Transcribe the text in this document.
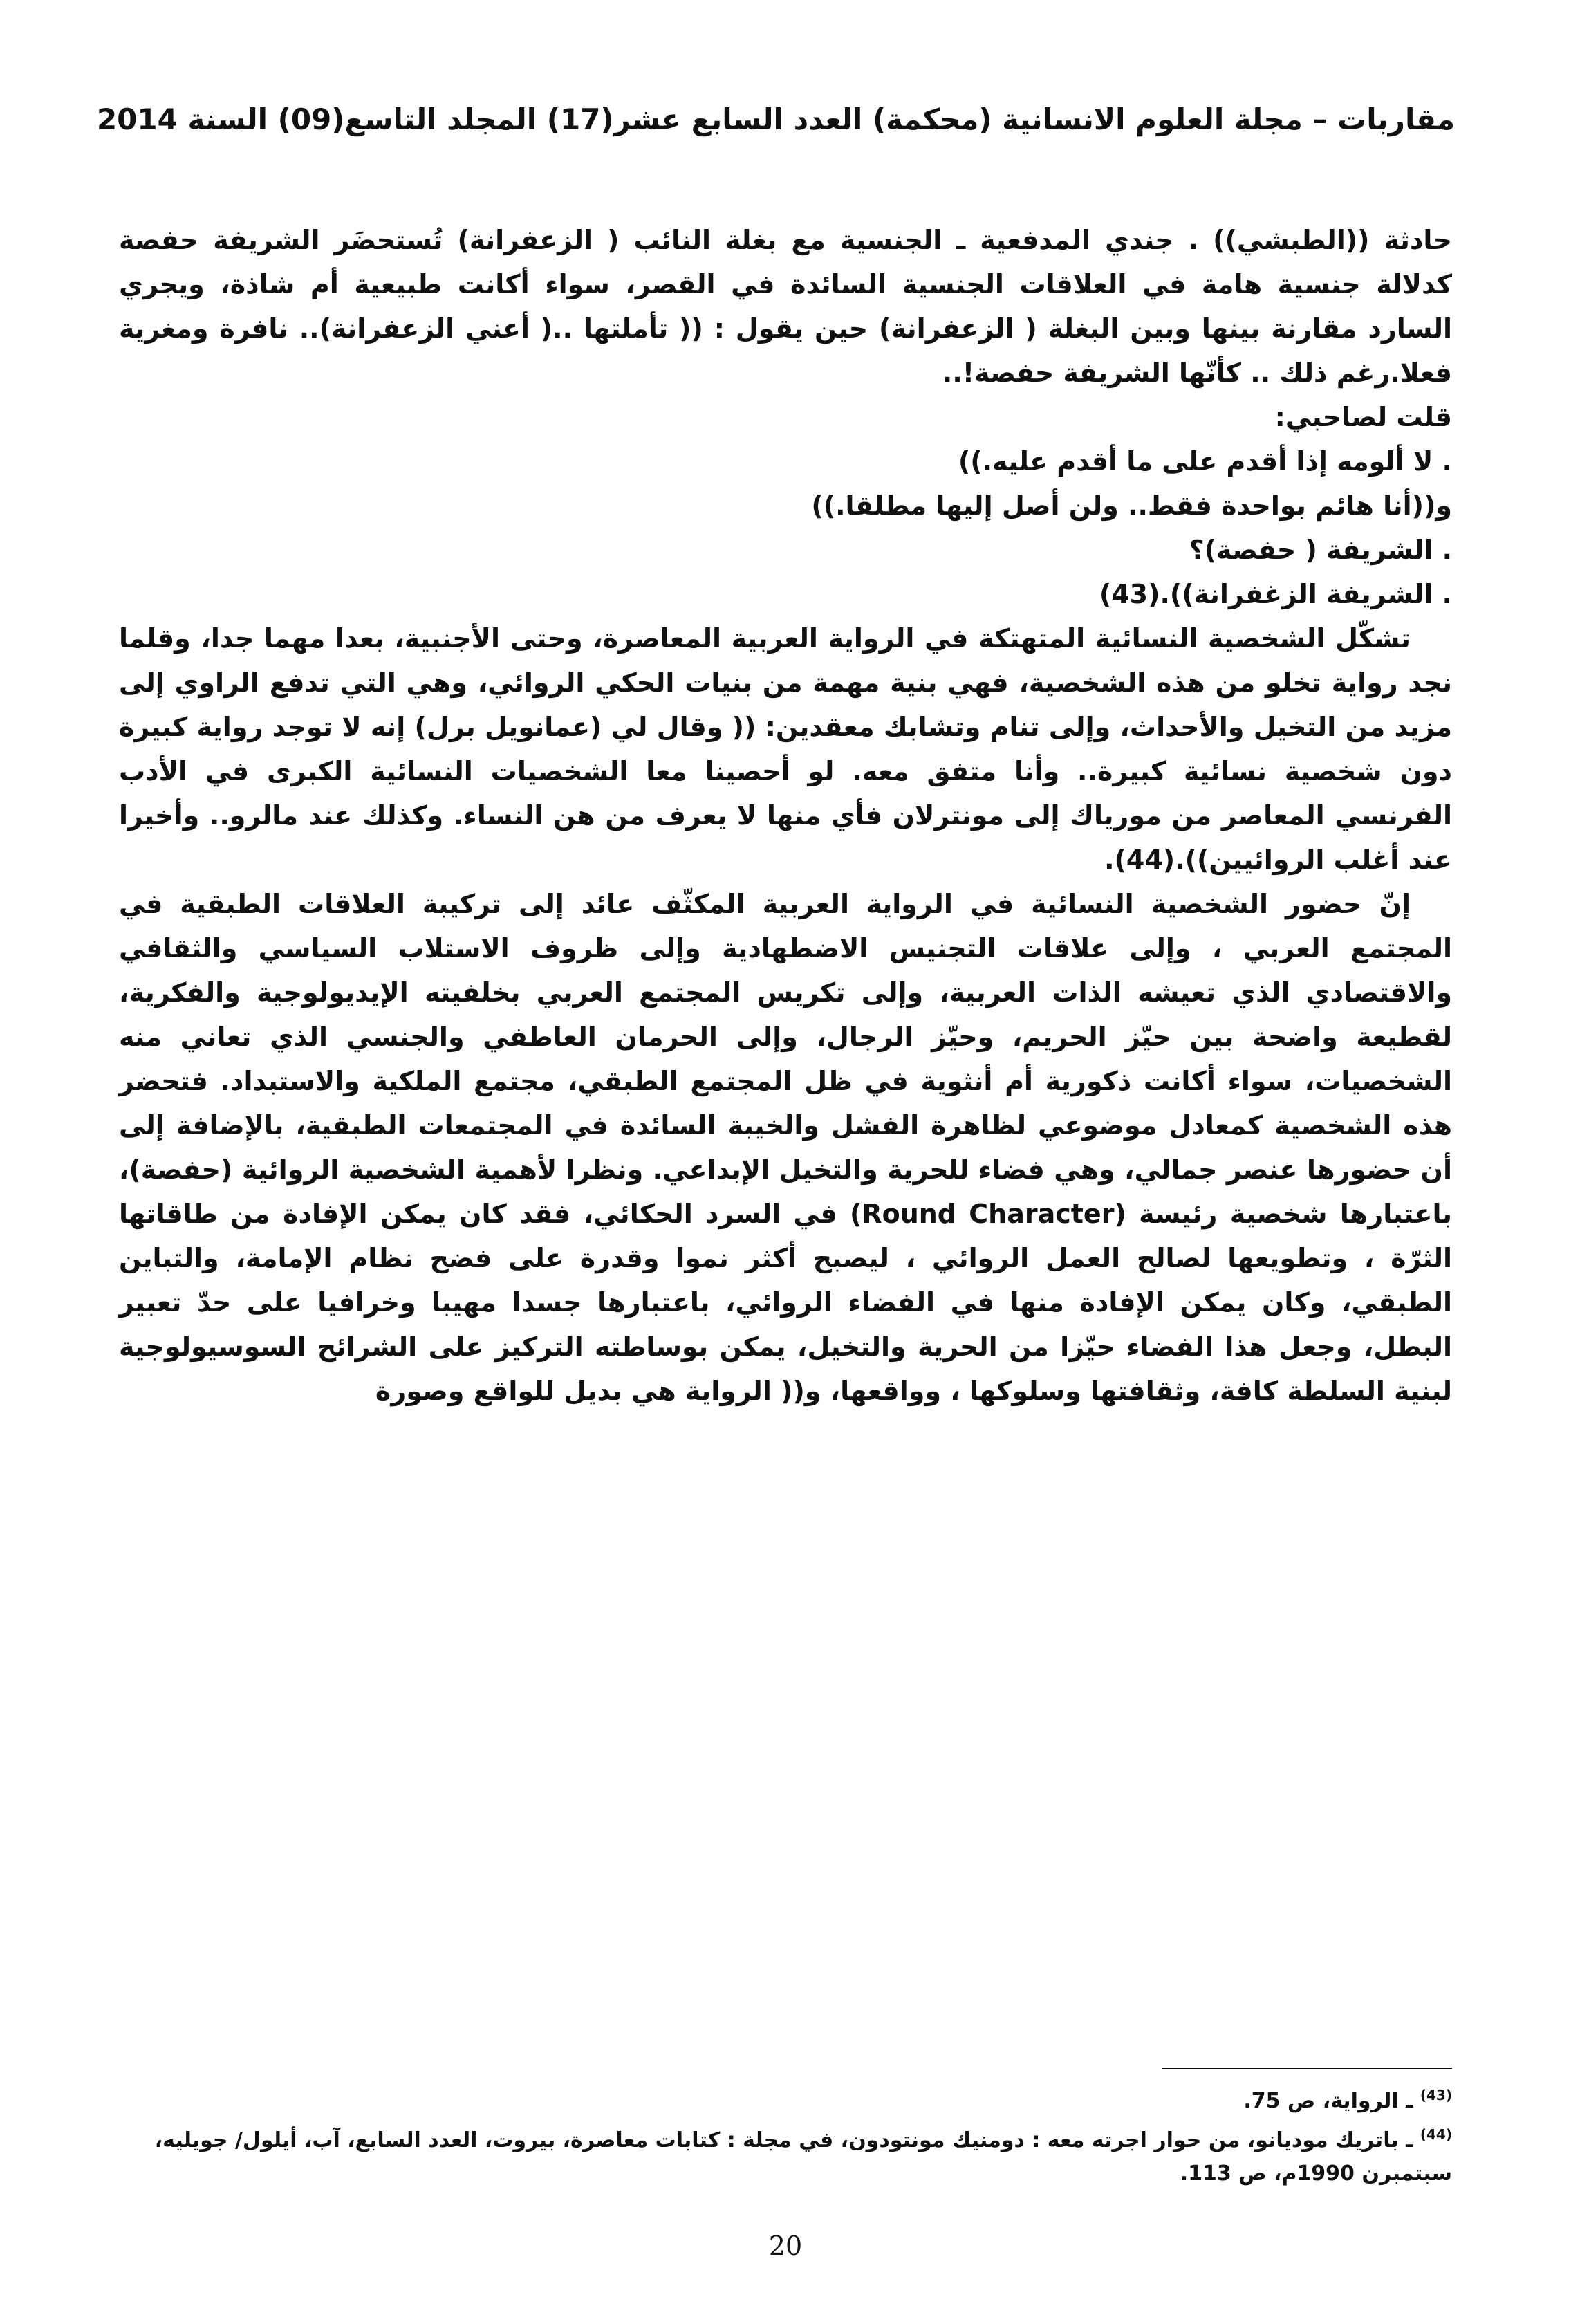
مقاربات – مجلة العلوم الانسانية (محكمة) العدد السابع عشر(17) المجلد التاسع(09) السنة 2014

حادثة ((الطبشي)) . جندي المدفعية ـ الجنسية مع بغلة النائب ( الزعفرانة) تُستحضَر الشريفة حفصة كدلالة جنسية هامة في العلاقات الجنسية السائدة في القصر، سواء أكانت طبيعية أم شاذة، ويجري السارد مقارنة بينها وبين البغلة ( الزعفرانة) حين يقول : (( تأملتها ..( أعني الزعفرانة).. نافرة ومغرية فعلا.رغم ذلك .. كأنّها الشريفة حفصة!..

قلت لصاحبي:
. لا ألومه إذا أقدم على ما أقدم عليه.))
و((أنا هائم بواحدة فقط.. ولن أصل إليها مطلقا.))
. الشريفة ( حفصة)؟
. الشريفة الزغفرانة)).(43)

تشكّل الشخصية النسائية المتهتكة في الرواية العربية المعاصرة، وحتى الأجنبية، بعدا مهما جدا، وقلما نجد رواية تخلو من هذه الشخصية، فهي بنية مهمة من بنيات الحكي الروائي، وهي التي تدفع الراوي إلى مزيد من التخيل والأحداث، وإلى تنام وتشابك معقدين: (( وقال لي (عمانويل برل) إنه لا توجد رواية كبيرة دون شخصية نسائية كبيرة.. وأنا متفق معه. لو أحصينا معا الشخصيات النسائية الكبرى في الأدب الفرنسي المعاصر من موریاك إلى مونترلان فأي منها لا يعرف من هن النساء. وكذلك عند مالرو.. وأخيرا عند أغلب الروائيين)).(44).

إنّ حضور الشخصية النسائية في الرواية العربية المكثّف عائد إلى تركيبة العلاقات الطبقية في المجتمع العربي ، وإلى علاقات التجنيس الاضطهادية وإلى ظروف الاستلاب السياسي والثقافي والاقتصادي الذي تعيشه الذات العربية، وإلى تكريس المجتمع العربي بخلفيته الإيديولوجية والفكرية، لقطيعة واضحة بين حيّز الحريم، وحيّز الرجال، وإلى الحرمان العاطفي والجنسي الذي تعاني منه الشخصيات، سواء أكانت ذكورية أم أنثوية في ظل المجتمع الطبقي، مجتمع الملكية والاستبداد. فتحضر هذه الشخصية كمعادل موضوعي لظاهرة الفشل والخيبة السائدة في المجتمعات الطبقية، بالإضافة إلى أن حضورها عنصر جمالي، وهي فضاء للحرية والتخيل الإبداعي. ونظرا لأهمية الشخصية الروائية (حفصة)، باعتبارها شخصية رئيسة (Round Character) في السرد الحكائي، فقد كان يمكن الإفادة من طاقاتها الثرّة ، وتطويعها لصالح العمل الروائي ، ليصبح أكثر نموا وقدرة على فضح نظام الإمامة، والتباين الطبقي، وكان يمكن الإفادة منها في الفضاء الروائي، باعتبارها جسدا مهيبا وخرافيا على حدّ تعبير البطل، وجعل هذا الفضاء حيّزا من الحرية والتخيل، يمكن بوساطته التركيز على الشرائح السوسيولوجية لبنية السلطة كافة، وثقافتها وسلوكها ، وواقعها، و(( الرواية هي بديل للواقع وصورة

$^{(43)}$ ـ الرواية، ص 75.

$^{(44)}$ ـ باتريك موديانو، من حوار اجرته معه : دومنيك مونتودون، في مجلة : كتابات معاصرة، بيروت، العدد السابع، آب، أيلول/ جويليه، سبتمبرن 1990م، ص 113.

20
